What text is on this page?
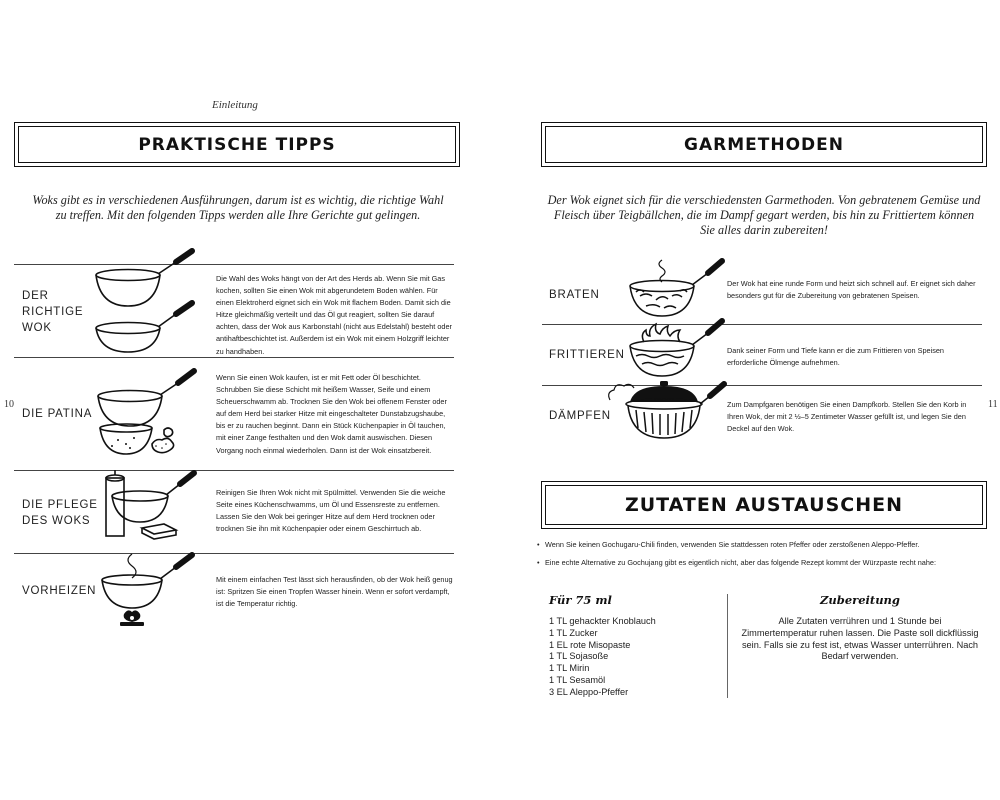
Einleitung
10
PRAKTISCHE TIPPS
Woks gibt es in verschiedenen Ausführungen, darum ist es wichtig, die richtige Wahl zu treffen. Mit den folgenden Tipps werden alle Ihre Gerichte gut gelingen.
DER RICHTIGE WOK
Die Wahl des Woks hängt von der Art des Herds ab. Wenn Sie mit Gas kochen, sollten Sie einen Wok mit abgerundetem Boden wählen. Für einen Elektroherd eignet sich ein Wok mit flachem Boden. Damit sich die Hitze gleichmäßig verteilt und das Öl gut reagiert, sollten Sie darauf achten, dass der Wok aus Karbonstahl (nicht aus Edelstahl) besteht oder antihaftbeschichtet ist. Außerdem ist ein Wok mit einem Holzgriff leichter zu handhaben.
DIE PATINA
Wenn Sie einen Wok kaufen, ist er mit Fett oder Öl beschichtet. Schrubben Sie diese Schicht mit heißem Wasser, Seife und einem Scheuerschwamm ab. Trocknen Sie den Wok bei offenem Fenster oder auf dem Herd bei starker Hitze mit eingeschalteter Dunstabzugshaube, bis er zu rauchen beginnt. Dann ein Stück Küchenpapier in Öl tauchen, mit einer Zange festhalten und den Wok damit auswischen. Diesen Vorgang noch einmal wiederholen. Dann ist der Wok einsatzbereit.
DIE PFLEGE DES WOKS
Reinigen Sie Ihren Wok nicht mit Spülmittel. Verwenden Sie die weiche Seite eines Küchenschwamms, um Öl und Essensreste zu entfernen. Lassen Sie den Wok bei geringer Hitze auf dem Herd trocknen oder trocknen Sie ihn mit Küchenpapier oder einem Geschirrtuch ab.
VORHEIZEN
Mit einem einfachen Test lässt sich herausfinden, ob der Wok heiß genug ist: Spritzen Sie einen Tropfen Wasser hinein. Wenn er sofort verdampft, ist die Temperatur richtig.
11
GARMETHODEN
Der Wok eignet sich für die verschiedensten Garmethoden. Von gebratenem Gemüse und Fleisch über Teigbällchen, die im Dampf gegart werden, bis hin zu Frittiertem können Sie alles darin zubereiten!
BRATEN
Der Wok hat eine runde Form und heizt sich schnell auf. Er eignet sich daher besonders gut für die Zubereitung von gebratenen Speisen.
FRITTIEREN	Dank seiner Form und Tiefe kann er die zum Frittieren von Speisen erforderliche Ölmenge aufnehmen.
DÄMPFEN
Zum Dampfgaren benötigen Sie einen Dampfkorb. Stellen Sie den Korb in Ihren Wok, der mit 2 ½–5 Zentimeter Wasser gefüllt ist, und legen Sie den Deckel auf den Wok.
ZUTATEN AUSTAUSCHEN
• Wenn Sie keinen Gochugaru-Chili finden, verwenden Sie stattdessen roten Pfeffer oder zerstoßenen Aleppo-Pfeffer.
• Eine echte Alternative zu Gochujang gibt es eigentlich nicht, aber das folgende Rezept kommt der Würzpaste recht nahe:
Für 75 ml
1 TL gehackter Knoblauch
1 TL Zucker
1 EL rote Misopaste
1 TL Sojasoße
1 TL Mirin
1 TL Sesamöl
3 EL Aleppo-Pfeffer
Zubereitung
Alle Zutaten verrühren und 1 Stunde bei Zimmertemperatur ruhen lassen. Die Paste soll dickflüssig sein. Falls sie zu fest ist, etwas Wasser unterrühren. Nach Bedarf verwenden.
